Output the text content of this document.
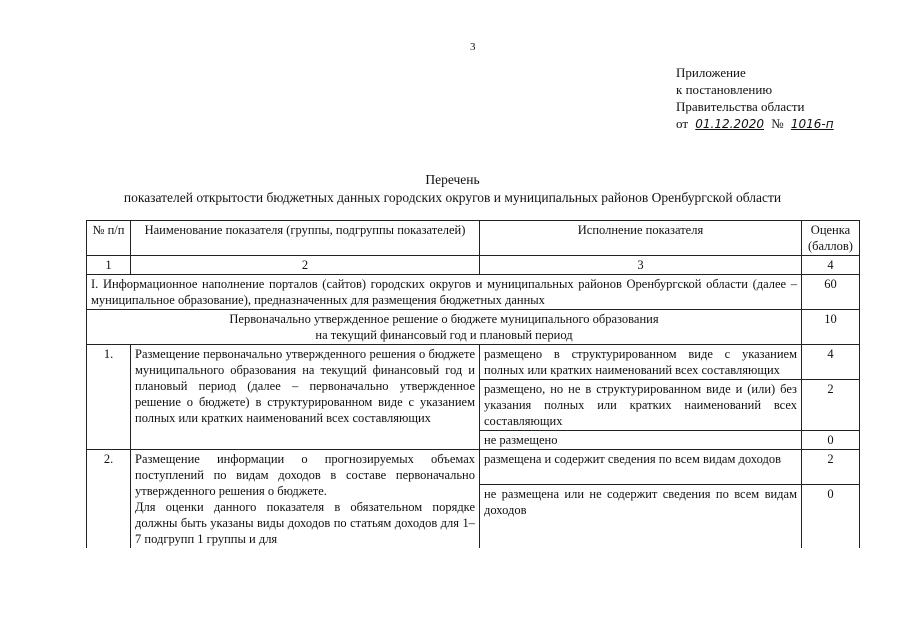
3
Приложение
к постановлению
Правительства области
от 01.12.2020 № 1016-п
Перечень
показателей открытости бюджетных данных городских округов и муниципальных районов Оренбургской области
№ п/п	Наименование показателя (группы, подгруппы показателей)	Исполнение показателя	Оценка (баллов)
1	2	3	4
I. Информационное наполнение порталов (сайтов) городских округов и муниципальных районов Оренбургской области (далее – муниципальное образование), предназначенных для размещения бюджетных данных			60

Первоначально утвержденное решение о бюджете муниципального образования
на текущий финансовый год и плановый период			10
1.	Размещение первоначально утвержденного решения о бюджете муниципального образования на текущий финансовый год и плановый период (далее – первоначально утвержденное решение о бюджете) в структурированном виде с указанием полных или кратких наименований всех составляющих	размещено в структурированном виде с указанием полных или кратких наименований всех составляющих	4
		размещено, но не в структурированном виде и (или) без указания полных или кратких наименований всех составляющих	2
		не размещено	0
2.	Размещение информации о прогнозируемых объемах поступлений по видам доходов в составе первоначально утвержденного решения о бюджете.
Для оценки данного показателя в обязательном порядке должны быть указаны виды доходов по статьям доходов для 1–7 подгрупп 1 группы и для	размещена и содержит сведения по всем видам доходов	2
		не размещена или не содержит сведения по всем видам доходов	0
